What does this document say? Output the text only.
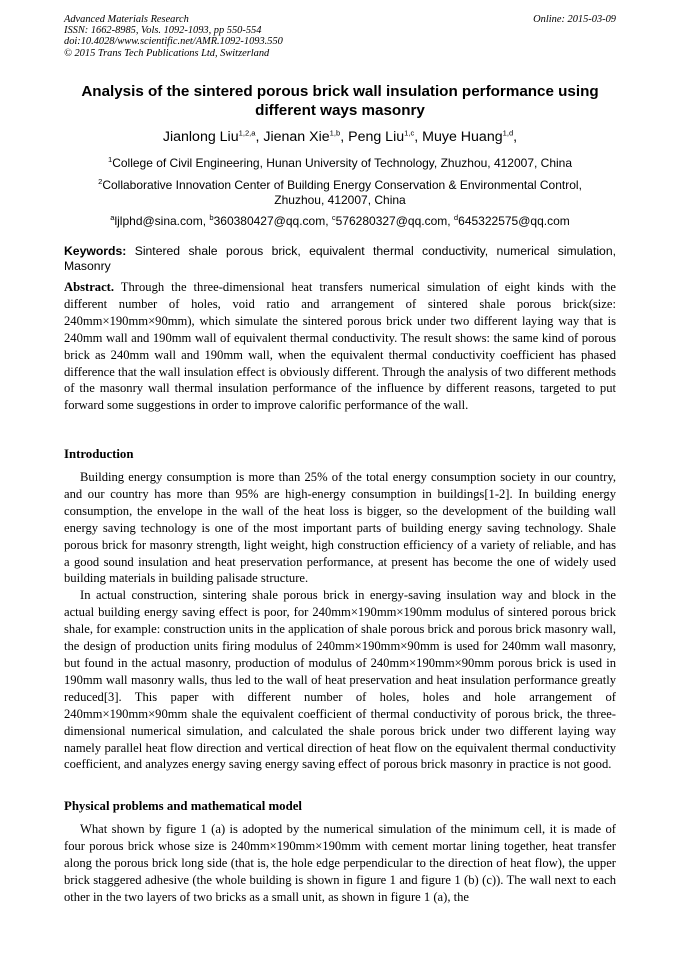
Advanced Materials Research
ISSN: 1662-8985, Vols. 1092-1093, pp 550-554
doi:10.4028/www.scientific.net/AMR.1092-1093.550
© 2015 Trans Tech Publications Ltd, Switzerland
Online: 2015-03-09
Analysis of the sintered porous brick wall insulation performance using different ways masonry
Jianlong Liu$^{1,2,a}$, Jienan Xie$^{1,b}$, Peng Liu$^{1,c}$, Muye Huang$^{1,d}$,
$^1$College of Civil Engineering, Hunan University of Technology, Zhuzhou, 412007, China
$^2$Collaborative Innovation Center of Building Energy Conservation & Environmental Control, Zhuzhou, 412007, China
$^a$ljlphd@sina.com, $^b$360380427@qq.com, $^c$576280327@qq.com, $^d$645322575@qq.com
Keywords: Sintered shale porous brick, equivalent thermal conductivity, numerical simulation, Masonry
Abstract. Through the three-dimensional heat transfers numerical simulation of eight kinds with the different number of holes, void ratio and arrangement of sintered shale porous brick(size: 240mm×190mm×90mm), which simulate the sintered porous brick under two different laying way that is 240mm wall and 190mm wall of equivalent thermal conductivity. The result shows: the same kind of porous brick as 240mm wall and 190mm wall, when the equivalent thermal conductivity coefficient has phased difference that the wall insulation effect is obviously different. Through the analysis of two different methods of the masonry wall thermal insulation performance of the influence by different reasons, targeted to put forward some suggestions in order to improve calorific performance of the wall.
Introduction

Building energy consumption is more than 25% of the total energy consumption society in our country, and our country has more than 95% are high-energy consumption in buildings[1-2]. In building energy consumption, the envelope in the wall of the heat loss is bigger, so the development of the building wall energy saving technology is one of the most important parts of building energy saving technology. Shale porous brick for masonry strength, light weight, high construction efficiency of a variety of reliable, and has a good sound insulation and heat preservation performance, at present has become the one of widely used building materials in building palisade structure.

In actual construction, sintering shale porous brick in energy-saving insulation way and block in the actual building energy saving effect is poor, for 240mm×190mm×190mm modulus of sintered porous brick shale, for example: construction units in the application of shale porous brick and porous brick masonry wall, the design of production units firing modulus of 240mm×190mm×90mm is used for 240mm wall masonry, but found in the actual masonry, production of modulus of 240mm×190mm×90mm porous brick is used in 190mm wall masonry walls, thus led to the wall of heat preservation and heat insulation performance greatly reduced[3]. This paper with different number of holes, holes and hole arrangement of 240mm×190mm×90mm shale the equivalent coefficient of thermal conductivity of porous brick, the three-dimensional numerical simulation, and calculated the shale porous brick under two different laying way namely parallel heat flow direction and vertical direction of heat flow on the equivalent thermal conductivity coefficient, and analyzes energy saving energy saving effect of porous brick masonry in practice is not good.

Physical problems and mathematical model

What shown by figure 1 (a) is adopted by the numerical simulation of the minimum cell, it is made of four porous brick whose size is 240mm×190mm×190mm with cement mortar lining together, heat transfer along the porous brick long side (that is, the hole edge perpendicular to the direction of heat flow), the upper brick staggered adhesive (the whole building is shown in figure 1 and figure 1 (b) (c)). The wall next to each other in the two layers of two bricks as a small unit, as shown in figure 1 (a), the
